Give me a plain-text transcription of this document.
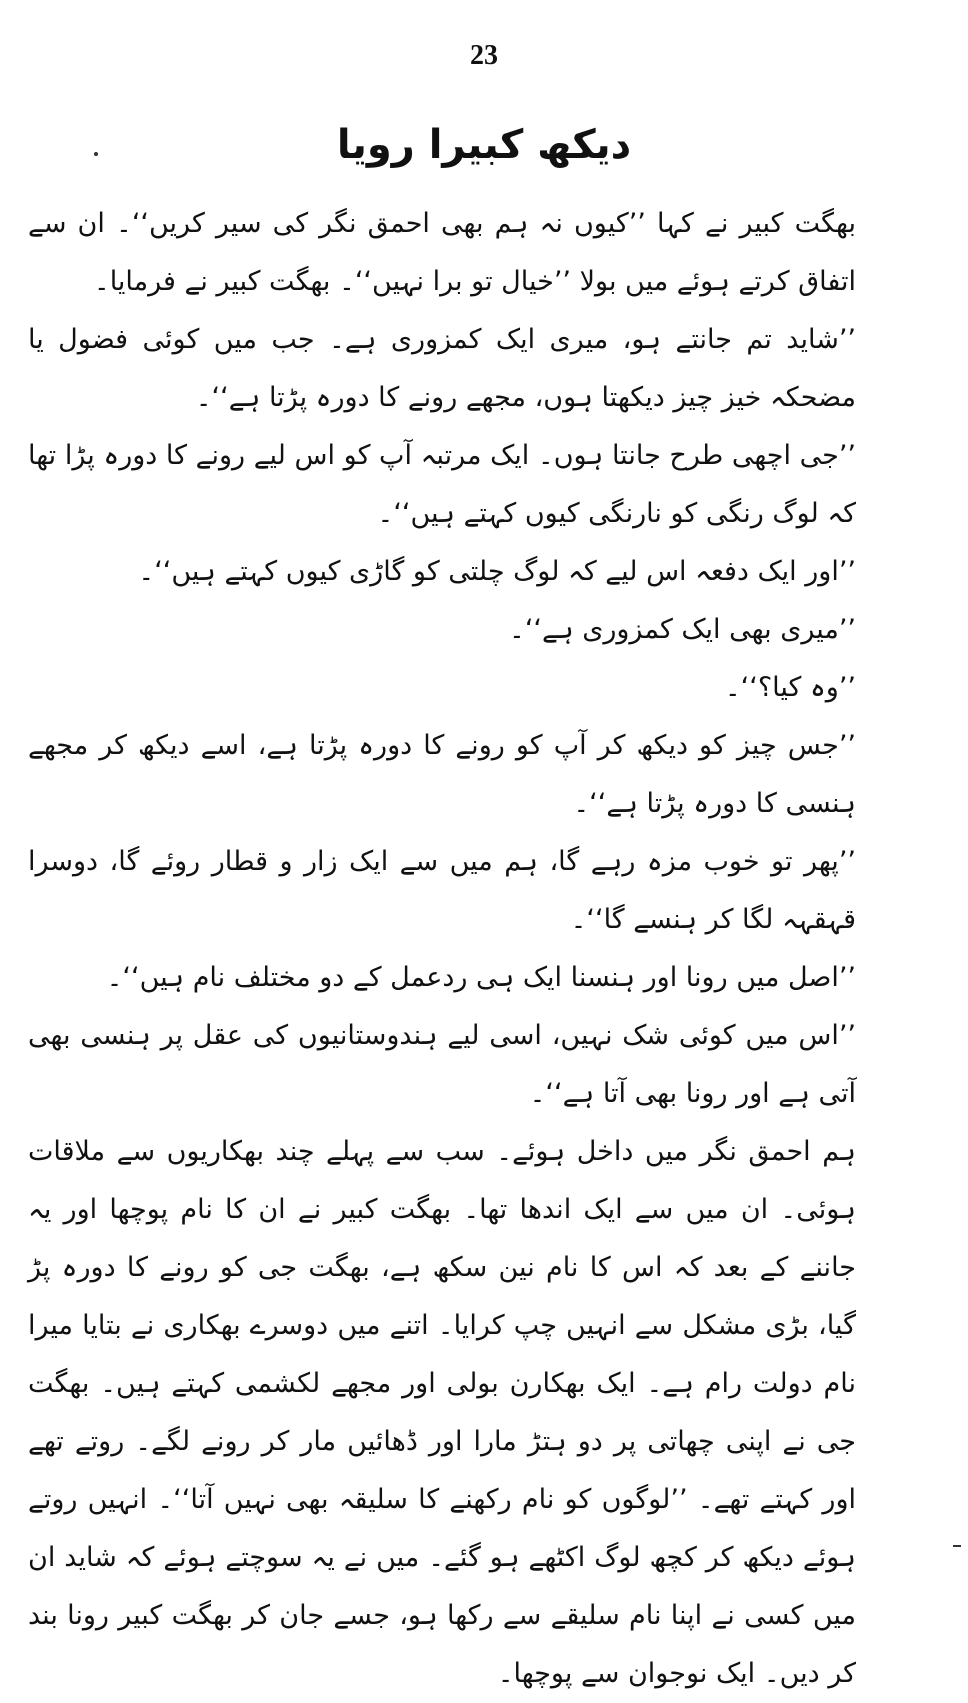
23
دیکھ کبیرا رویا

بھگت کبیر نے کہا ’’کیوں نہ ہم بھی احمق نگر کی سیر کریں‘‘۔ ان سے اتفاق کرتے ہوئے میں بولا ’’خیال تو برا نہیں‘‘۔ بھگت کبیر نے فرمایا۔

’’شاید تم جانتے ہو، میری ایک کمزوری ہے۔ جب میں کوئی فضول یا مضحکہ خیز چیز دیکھتا ہوں، مجھے رونے کا دورہ پڑتا ہے‘‘۔

’’جی اچھی طرح جانتا ہوں۔ ایک مرتبہ آپ کو اس لیے رونے کا دورہ پڑا تھا کہ لوگ رنگی کو نارنگی کیوں کہتے ہیں‘‘۔

’’اور ایک دفعہ اس لیے کہ لوگ چلتی کو گاڑی کیوں کہتے ہیں‘‘۔

’’میری بھی ایک کمزوری ہے‘‘۔

’’وہ کیا؟‘‘۔

’’جس چیز کو دیکھ کر آپ کو رونے کا دورہ پڑتا ہے، اسے دیکھ کر مجھے ہنسی کا دورہ پڑتا ہے‘‘۔

’’پھر تو خوب مزہ رہے گا، ہم میں سے ایک زار و قطار روئے گا، دوسرا قہقہہ لگا کر ہنسے گا‘‘۔

’’اصل میں رونا اور ہنسنا ایک ہی ردعمل کے دو مختلف نام ہیں‘‘۔

’’اس میں کوئی شک نہیں، اسی لیے ہندوستانیوں کی عقل پر ہنسی بھی آتی ہے اور رونا بھی آتا ہے‘‘۔

ہم احمق نگر میں داخل ہوئے۔ سب سے پہلے چند بھکاریوں سے ملاقات ہوئی۔ ان میں سے ایک اندھا تھا۔ بھگت کبیر نے ان کا نام پوچھا اور یہ جاننے کے بعد کہ اس کا نام نین سکھ ہے، بھگت جی کو رونے کا دورہ پڑ گیا، بڑی مشکل سے انہیں چپ کرایا۔ اتنے میں دوسرے بھکاری نے بتایا میرا نام دولت رام ہے۔ ایک بھکارن بولی اور مجھے لکشمی کہتے ہیں۔ بھگت جی نے اپنی چھاتی پر دو ہتڑ مارا اور ڈھائیں مار کر رونے لگے۔ روتے تھے اور کہتے تھے۔ ’’لوگوں کو نام رکھنے کا سلیقہ بھی نہیں آتا‘‘۔ انہیں روتے ہوئے دیکھ کر کچھ لوگ اکٹھے ہو گئے۔ میں نے یہ سوچتے ہوئے کہ شاید ان میں کسی نے اپنا نام سلیقے سے رکھا ہو، جسے جان کر بھگت کبیر رونا بند کر دیں۔ ایک نوجوان سے پوچھا۔
